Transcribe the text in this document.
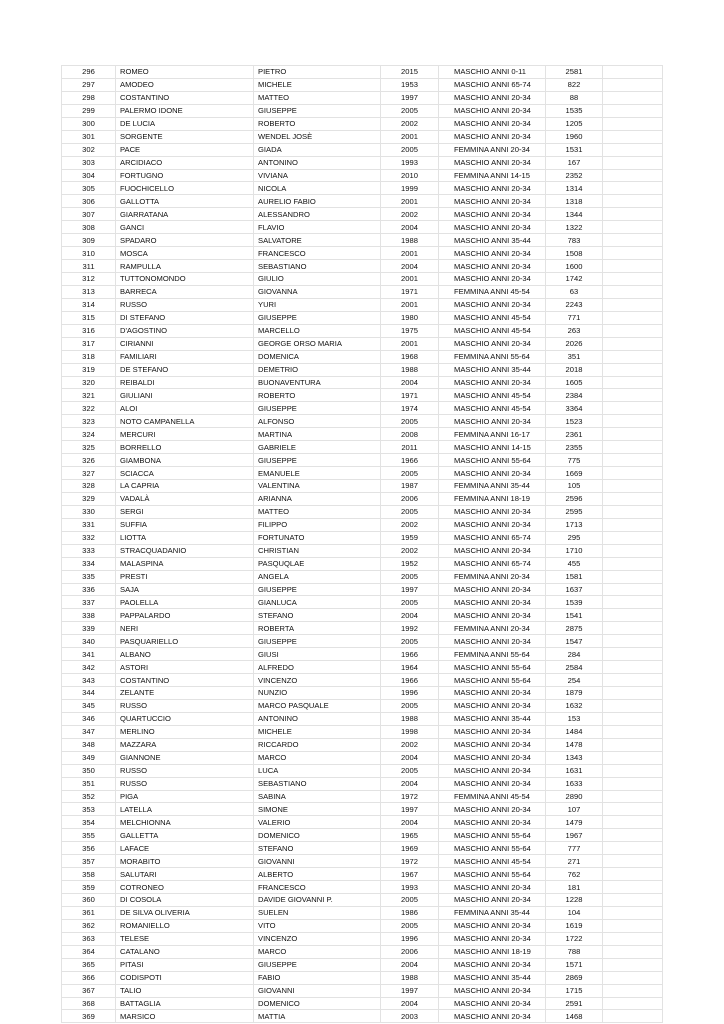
296	ROMEO	PIETRO	2015	MASCHIO ANNI 0-11	2581	
297	AMODEO	MICHELE	1953	MASCHIO ANNI 65-74	822	
298	COSTANTINO	MATTEO	1997	MASCHIO ANNI 20-34	88	
299	PALERMO IDONE	GIUSEPPE	2005	MASCHIO ANNI 20-34	1535	
300	DE LUCIA	ROBERTO	2002	MASCHIO ANNI 20-34	1205	
301	SORGENTE	WENDEL JOSÈ	2001	MASCHIO ANNI 20-34	1960	
302	PACE	GIADA	2005	FEMMINA ANNI 20-34	1531	
303	ARCIDIACO	ANTONINO	1993	MASCHIO ANNI 20-34	167	
304	FORTUGNO	VIVIANA	2010	FEMMINA ANNI 14-15	2352	
305	FUOCHICELLO	NICOLA	1999	MASCHIO ANNI 20-34	1314	
306	GALLOTTA	AURELIO FABIO	2001	MASCHIO ANNI 20-34	1318	
307	GIARRATANA	ALESSANDRO	2002	MASCHIO ANNI 20-34	1344	
308	GANCI	FLAVIO	2004	MASCHIO ANNI 20-34	1322	
309	SPADARO	SALVATORE	1988	MASCHIO ANNI 35-44	783	
310	MOSCA	FRANCESCO	2001	MASCHIO ANNI 20-34	1508	
311	RAMPULLA	SEBASTIANO	2004	MASCHIO ANNI 20-34	1600	
312	TUTTONOMONDO	GIULIO	2001	MASCHIO ANNI 20-34	1742	
313	BARRECA	GIOVANNA	1971	FEMMINA ANNI 45-54	63	
314	RUSSO	YURI	2001	MASCHIO ANNI 20-34	2243	
315	DI STEFANO	GIUSEPPE	1980	MASCHIO ANNI 45-54	771	
316	D'AGOSTINO	MARCELLO	1975	MASCHIO ANNI 45-54	263	
317	CIRIANNI	GEORGE ORSO MARIA	2001	MASCHIO ANNI 20-34	2026	
318	FAMILIARI	DOMENICA	1968	FEMMINA ANNI 55-64	351	
319	DE STEFANO	DEMETRIO	1988	MASCHIO ANNI 35-44	2018	
320	REIBALDI	BUONAVENTURA	2004	MASCHIO ANNI 20-34	1605	
321	GIULIANI	ROBERTO	1971	MASCHIO ANNI 45-54	2384	
322	ALOI	GIUSEPPE	1974	MASCHIO ANNI 45-54	3364	
323	NOTO CAMPANELLA	ALFONSO	2005	MASCHIO ANNI 20-34	1523	
324	MERCURI	MARTINA	2008	FEMMINA ANNI 16-17	2361	
325	BORRELLO	GABRIELE	2011	MASCHIO ANNI 14-15	2355	
326	GIAMBONA	GIUSEPPE	1966	MASCHIO ANNI 55-64	775	
327	SCIACCA	EMANUELE	2005	MASCHIO ANNI 20-34	1669	
328	LA CAPRIA	VALENTINA	1987	FEMMINA ANNI 35-44	105	
329	VADALÀ	ARIANNA	2006	FEMMINA ANNI 18-19	2596	
330	SERGI	MATTEO	2005	MASCHIO ANNI 20-34	2595	
331	SUFFIA	FILIPPO	2002	MASCHIO ANNI 20-34	1713	
332	LIOTTA	FORTUNATO	1959	MASCHIO ANNI 65-74	295	
333	STRACQUADANIO	CHRISTIAN	2002	MASCHIO ANNI 20-34	1710	
334	MALASPINA	PASQUQLAE	1952	MASCHIO ANNI 65-74	455	
335	PRESTI	ANGELA	2005	FEMMINA ANNI 20-34	1581	
336	SAJA	GIUSEPPE	1997	MASCHIO ANNI 20-34	1637	
337	PAOLELLA	GIANLUCA	2005	MASCHIO ANNI 20-34	1539	
338	PAPPALARDO	STEFANO	2004	MASCHIO ANNI 20-34	1541	
339	NERI	ROBERTA	1992	FEMMINA ANNI 20-34	2875	
340	PASQUARIELLO	GIUSEPPE	2005	MASCHIO ANNI 20-34	1547	
341	ALBANO	GIUSI	1966	FEMMINA ANNI 55-64	284	
342	ASTORI	ALFREDO	1964	MASCHIO ANNI 55-64	2584	
343	COSTANTINO	VINCENZO	1966	MASCHIO ANNI 55-64	254	
344	ZELANTE	NUNZIO	1996	MASCHIO ANNI 20-34	1879	
345	RUSSO	MARCO PASQUALE	2005	MASCHIO ANNI 20-34	1632	
346	QUARTUCCIO	ANTONINO	1988	MASCHIO ANNI 35-44	153	
347	MERLINO	MICHELE	1998	MASCHIO ANNI 20-34	1484	
348	MAZZARA	RICCARDO	2002	MASCHIO ANNI 20-34	1478	
349	GIANNONE	MARCO	2004	MASCHIO ANNI 20-34	1343	
350	RUSSO	LUCA	2005	MASCHIO ANNI 20-34	1631	
351	RUSSO	SEBASTIANO	2004	MASCHIO ANNI 20-34	1633	
352	PIGA	SABINA	1972	FEMMINA ANNI 45-54	2890	
353	LATELLA	SIMONE	1997	MASCHIO ANNI 20-34	107	
354	MELCHIONNA	VALERIO	2004	MASCHIO ANNI 20-34	1479	
355	GALLETTA	DOMENICO	1965	MASCHIO ANNI 55-64	1967	
356	LAFACE	STEFANO	1969	MASCHIO ANNI 55-64	777	
357	MORABITO	GIOVANNI	1972	MASCHIO ANNI 45-54	271	
358	SALUTARI	ALBERTO	1967	MASCHIO ANNI 55-64	762	
359	COTRONEO	FRANCESCO	1993	MASCHIO ANNI 20-34	181	
360	DI COSOLA	DAVIDE GIOVANNI P.	2005	MASCHIO ANNI 20-34	1228	
361	DE SILVA OLIVERIA	SUELEN	1986	FEMMINA ANNI 35-44	104	
362	ROMANIELLO	VITO	2005	MASCHIO ANNI 20-34	1619	
363	TELESE	VINCENZO	1996	MASCHIO ANNI 20-34	1722	
364	CATALANO	MARCO	2006	MASCHIO ANNI 18-19	788	
365	PITASI	GIUSEPPE	2004	MASCHIO ANNI 20-34	1571	
366	CODISPOTI	FABIO	1988	MASCHIO ANNI 35-44	2869	
367	TALIO	GIOVANNI	1997	MASCHIO ANNI 20-34	1715	
368	BATTAGLIA	DOMENICO	2004	MASCHIO ANNI 20-34	2591	
369	MARSICO	MATTIA	2003	MASCHIO ANNI 20-34	1468	
